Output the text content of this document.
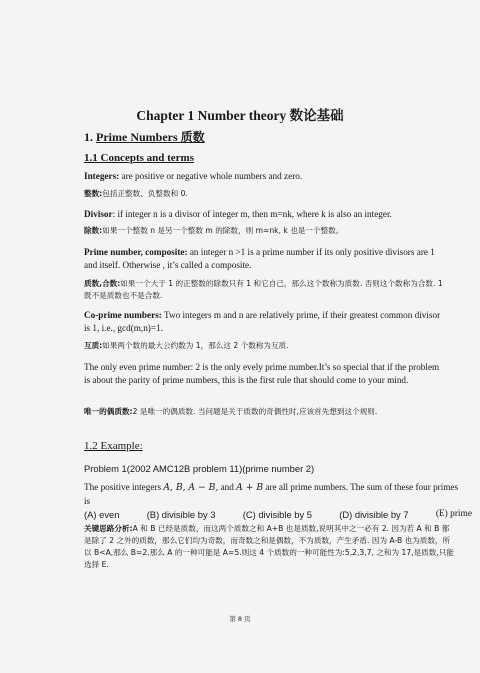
Chapter 1 Number theory 数论基础
1. Prime Numbers 质数
1.1 Concepts and terms
Integers: are positive or negative whole numbers and zero.
整数:包括正整数、负整数和 0.
Divisor: if integer n is a divisor of integer m, then m=nk, where k is also an integer.
除数:如果一个整数 n 是另一个整数 m 的除数，则 m=nk, k 也是一个整数。
Prime number, composite: an integer n >1 is a prime number if its only positive divisors are 1 and itself. Otherwise , it’s called a composite.
质数,合数:如果一个大于 1 的正整数的除数只有 1 和它自己，那么这个数称为质数. 否则这个数称为合数. 1 既不是质数也不是合数.
Co-prime numbers: Two integers m and n are relatively prime, if their greatest common divisor is 1, i.e., gcd(m,n)=1.
互质:如果两个数的最大公约数为 1，那么这 2 个数称为互质.
The only even prime number: 2 is the only evely prime number.It’s so special that if the problem is about the parity of prime numbers, this is the first rule that should come to your mind.
唯一的偶质数:2 是唯一的偶质数. 当问题是关于质数的奇偶性时,应该首先想到这个规则.
1.2 Example:
Problem 1(2002 AMC12B problem 11)(prime number 2)
The positive integers A, B, A − B, and A + B are all prime numbers. The sum of these four primes is
(A) even	(B) divisible by 3	(C) divisible by 5	(D) divisible by 7	(E) prime
关键思路分析:A 和 B 已经是质数，而这两个质数之和 A+B 也是质数,说明其中之一必有 2. 因为若 A 和 B 都是除了 2 之外的质数，那么它们均为奇数，而奇数之和是偶数，不为质数，产生矛盾. 因为 A-B 也为质数，所以 B<A,那么 B=2.那么 A 的一种可能是 A=5.则这 4 个质数的一种可能性为:5,2,3,7, 之和为 17,是质数,只能选择 E.
第 8 页
